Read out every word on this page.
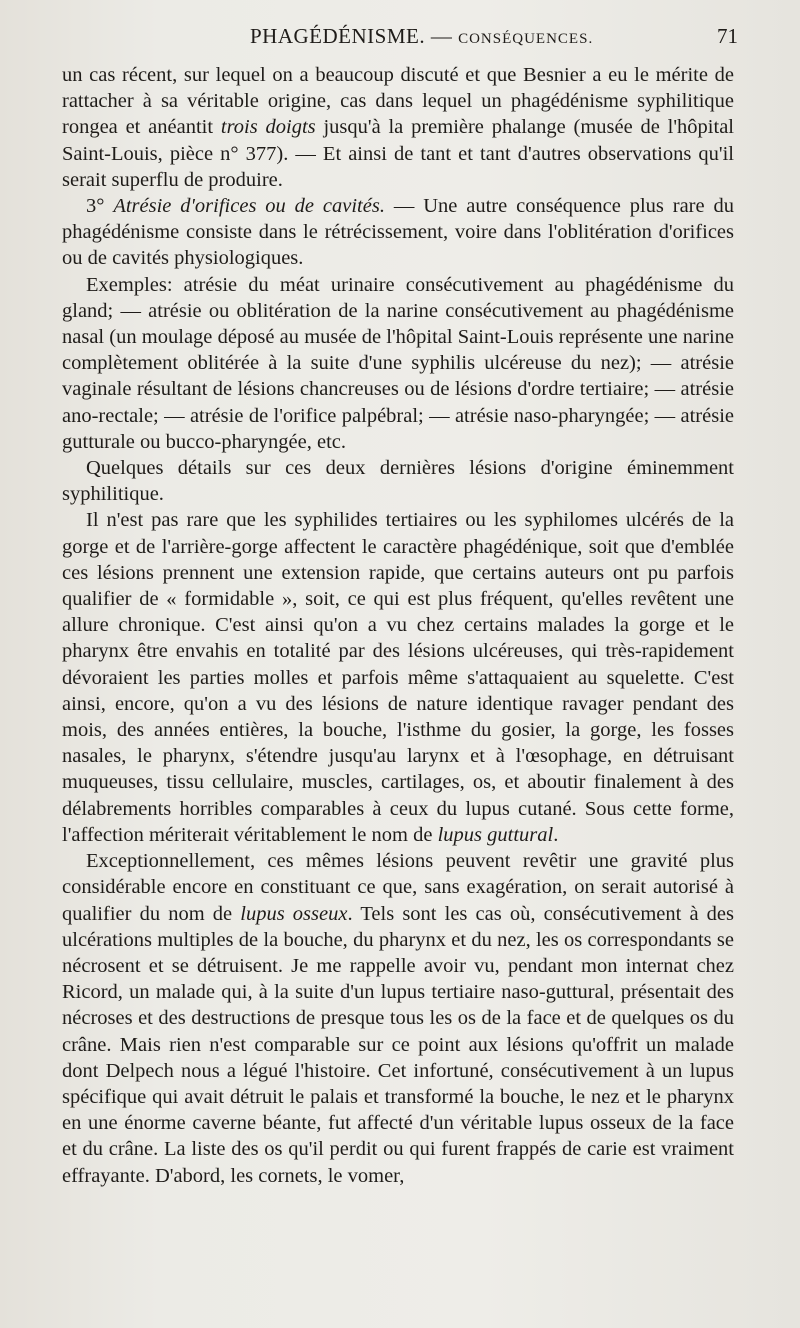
PHAGÉDÉNISME. — CONSÉQUENCES.	71

un cas récent, sur lequel on a beaucoup discuté et que Besnier a eu le mérite de rattacher à sa véritable origine, cas dans lequel un phagédénisme syphilitique rongea et anéantit trois doigts jusqu'à la première phalange (musée de l'hôpital Saint-Louis, pièce n° 377). — Et ainsi de tant et tant d'autres observations qu'il serait superflu de produire.

3° Atrésie d'orifices ou de cavités. — Une autre conséquence plus rare du phagédénisme consiste dans le rétrécissement, voire dans l'oblitération d'orifices ou de cavités physiologiques.

Exemples: atrésie du méat urinaire consécutivement au phagédénisme du gland; — atrésie ou oblitération de la narine consécutivement au phagédénisme nasal (un moulage déposé au musée de l'hôpital Saint-Louis représente une narine complètement oblitérée à la suite d'une syphilis ulcéreuse du nez); — atrésie vaginale résultant de lésions chancreuses ou de lésions d'ordre tertiaire; — atrésie ano-rectale; — atrésie de l'orifice palpébral; — atrésie naso-pharyngée; — atrésie gutturale ou bucco-pharyngée, etc.

Quelques détails sur ces deux dernières lésions d'origine éminemment syphilitique.

Il n'est pas rare que les syphilides tertiaires ou les syphilomes ulcérés de la gorge et de l'arrière-gorge affectent le caractère phagédénique, soit que d'emblée ces lésions prennent une extension rapide, que certains auteurs ont pu parfois qualifier de « formidable », soit, ce qui est plus fréquent, qu'elles revêtent une allure chronique. C'est ainsi qu'on a vu chez certains malades la gorge et le pharynx être envahis en totalité par des lésions ulcéreuses, qui très-rapidement dévoraient les parties molles et parfois même s'attaquaient au squelette. C'est ainsi, encore, qu'on a vu des lésions de nature identique ravager pendant des mois, des années entières, la bouche, l'isthme du gosier, la gorge, les fosses nasales, le pharynx, s'étendre jusqu'au larynx et à l'œsophage, en détruisant muqueuses, tissu cellulaire, muscles, cartilages, os, et aboutir finalement à des délabrements horribles comparables à ceux du lupus cutané. Sous cette forme, l'affection mériterait véritablement le nom de lupus guttural.

Exceptionnellement, ces mêmes lésions peuvent revêtir une gravité plus considérable encore en constituant ce que, sans exagération, on serait autorisé à qualifier du nom de lupus osseux. Tels sont les cas où, consécutivement à des ulcérations multiples de la bouche, du pharynx et du nez, les os correspondants se nécrosent et se détruisent. Je me rappelle avoir vu, pendant mon internat chez Ricord, un malade qui, à la suite d'un lupus tertiaire naso-guttural, présentait des nécroses et des destructions de presque tous les os de la face et de quelques os du crâne. Mais rien n'est comparable sur ce point aux lésions qu'offrit un malade dont Delpech nous a légué l'histoire. Cet infortuné, consécutivement à un lupus spécifique qui avait détruit le palais et transformé la bouche, le nez et le pharynx en une énorme caverne béante, fut affecté d'un véritable lupus osseux de la face et du crâne. La liste des os qu'il perdit ou qui furent frappés de carie est vraiment effrayante. D'abord, les cornets, le vomer,
